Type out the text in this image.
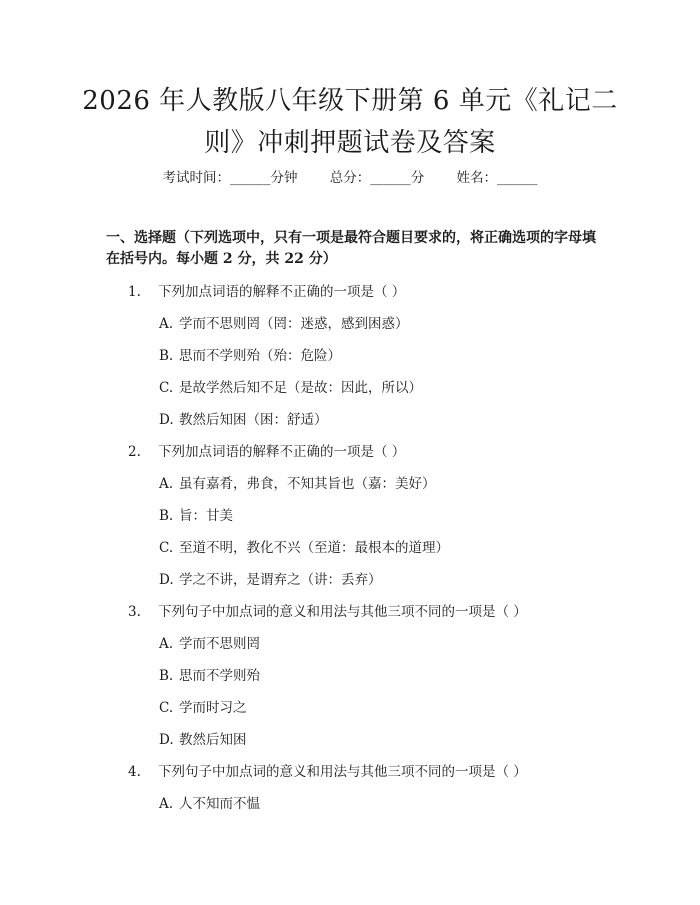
2026 年人教版八年级下册第 6 单元《礼记二
则》冲刺押题试卷及答案
考试时间：______分钟 总分：______分 姓名：______
一、选择题（下列选项中，只有一项是最符合题目要求的，将正确选项的字母填
在括号内。每小题 2 分，共 22 分）
1. 下列加点词语的解释不正确的一项是（ ）
A. 学而不思则罔（罔：迷惑，感到困惑）
B. 思而不学则殆（殆：危险）
C. 是故学然后知不足（是故：因此，所以）
D. 教然后知困（困：舒适）
2. 下列加点词语的解释不正确的一项是（ ）
A. 虽有嘉肴，弗食，不知其旨也（嘉：美好）
B. 旨：甘美
C. 至道不明，教化不兴（至道：最根本的道理）
D. 学之不讲，是谓弃之（讲：丢弃）
3. 下列句子中加点词的意义和用法与其他三项不同的一项是（ ）
A. 学而不思则罔
B. 思而不学则殆
C. 学而时习之
D. 教然后知困
4. 下列句子中加点词的意义和用法与其他三项不同的一项是（ ）
A. 人不知而不愠
